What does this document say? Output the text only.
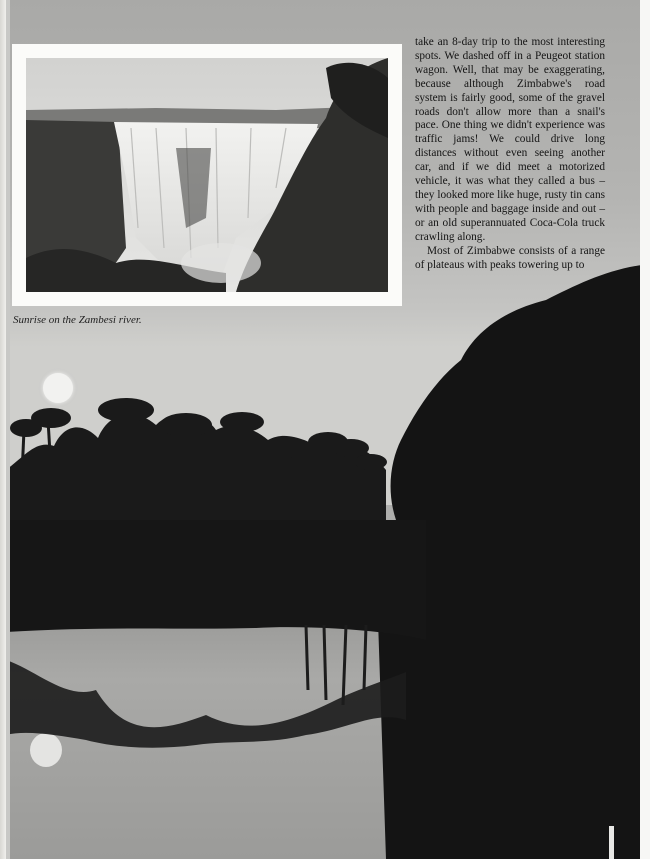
Sunrise on the Zambesi river.

take an 8-day trip to the most interesting spots. We dashed off in a Peugeot station wagon. Well, that may be exaggerating, because although Zimbabwe's road system is fairly good, some of the gravel roads don't allow more than a snail's pace. One thing we didn't experience was traffic jams! We could drive long distances without even seeing another car, and if we did meet a motorized vehicle, it was what they called a bus – they looked more like huge, rusty tin cans with people and baggage inside and out – or an old superannuated Coca-Cola truck crawling along.

Most of Zimbabwe consists of a range of plateaus with peaks towering up to
